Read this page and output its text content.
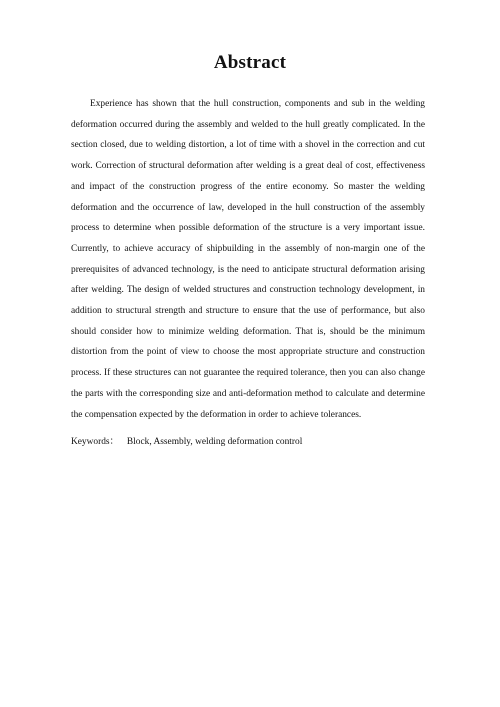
Abstract

Experience has shown that the hull construction, components and sub in the welding deformation occurred during the assembly and welded to the hull greatly complicated. In the section closed, due to welding distortion, a lot of time with a shovel in the correction and cut work. Correction of structural deformation after welding is a great deal of cost, effectiveness and impact of the construction progress of the entire economy. So master the welding deformation and the occurrence of law, developed in the hull construction of the assembly process to determine when possible deformation of the structure is a very important issue. Currently, to achieve accuracy of shipbuilding in the assembly of non-margin one of the prerequisites of advanced technology, is the need to anticipate structural deformation arising after welding. The design of welded structures and construction technology development, in addition to structural strength and structure to ensure that the use of performance, but also should consider how to minimize welding deformation. That is, should be the minimum distortion from the point of view to choose the most appropriate structure and construction process. If these structures can not guarantee the required tolerance, then you can also change the parts with the corresponding size and anti-deformation method to calculate and determine the compensation expected by the deformation in order to achieve tolerances.

Keywords： Block, Assembly, welding deformation control
